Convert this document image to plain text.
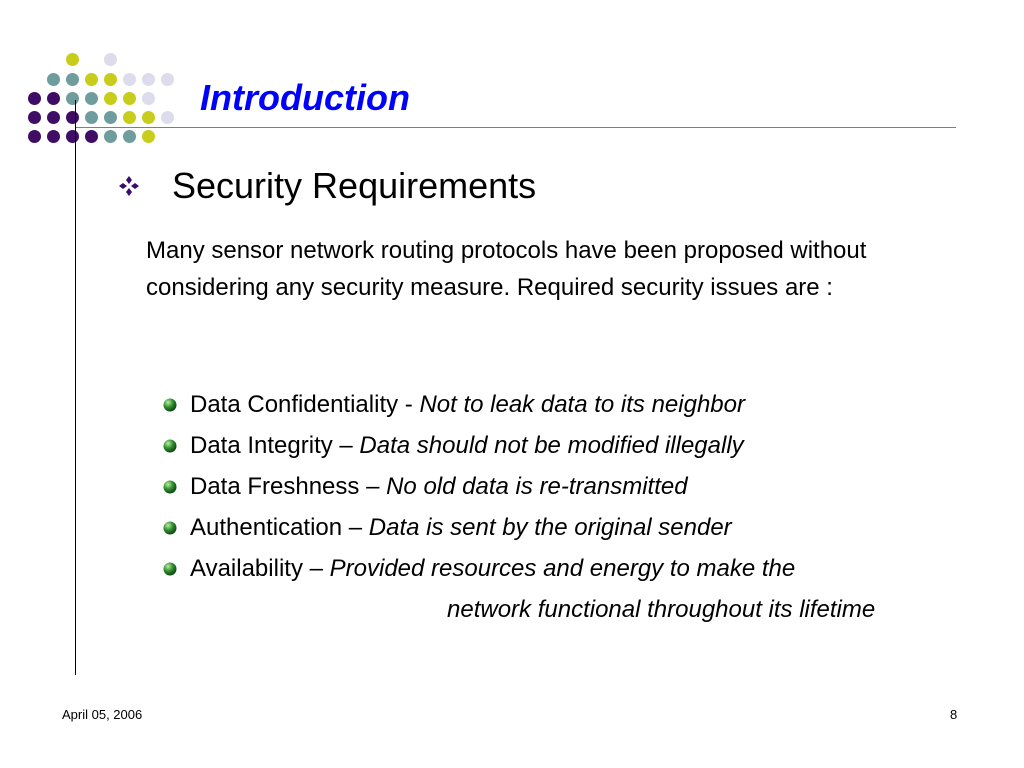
Introduction
Security Requirements

Many sensor network routing protocols have been proposed without considering any security measure. Required security issues are :

Data Confidentiality - Not to leak data to its neighbor
Data Integrity – Data should not be modified illegally
Data Freshness – No old data is re-transmitted
Authentication – Data is sent by the original sender
Availability – Provided resources and energy to make the
network functional throughout its lifetime
April 05, 2006	8
